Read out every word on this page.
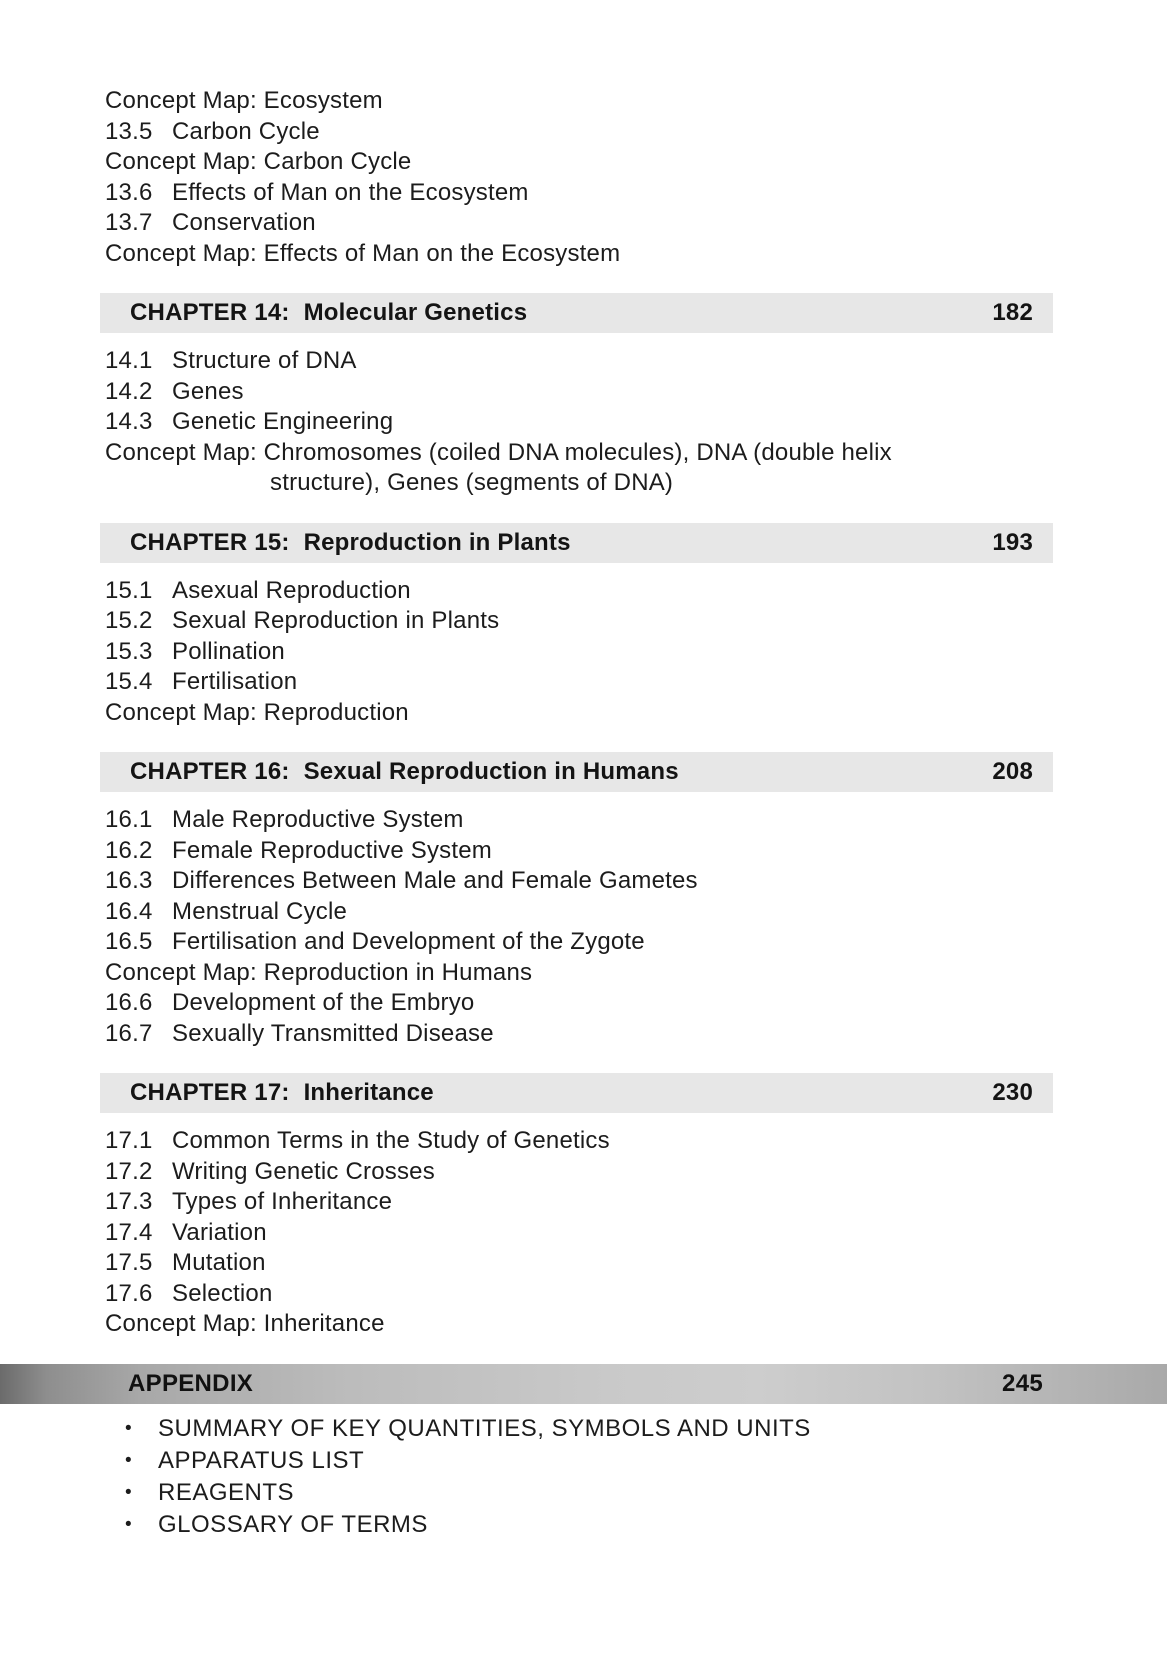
Concept Map: Ecosystem
13.5 Carbon Cycle
Concept Map: Carbon Cycle
13.6 Effects of Man on the Ecosystem
13.7 Conservation
Concept Map: Effects of Man on the Ecosystem
CHAPTER 14: Molecular Genetics	182
14.1 Structure of DNA
14.2 Genes
14.3 Genetic Engineering
Concept Map: Chromosomes (coiled DNA molecules), DNA (double helix
structure), Genes (segments of DNA)
CHAPTER 15: Reproduction in Plants	193
15.1 Asexual Reproduction
15.2 Sexual Reproduction in Plants
15.3 Pollination
15.4 Fertilisation
Concept Map: Reproduction
CHAPTER 16: Sexual Reproduction in Humans	208
16.1 Male Reproductive System
16.2 Female Reproductive System
16.3 Differences Between Male and Female Gametes
16.4 Menstrual Cycle
16.5 Fertilisation and Development of the Zygote
Concept Map: Reproduction in Humans
16.6 Development of the Embryo
16.7 Sexually Transmitted Disease
CHAPTER 17: Inheritance	230
17.1 Common Terms in the Study of Genetics
17.2 Writing Genetic Crosses
17.3 Types of Inheritance
17.4 Variation
17.5 Mutation
17.6 Selection
Concept Map: Inheritance
APPENDIX	245
• SUMMARY OF KEY QUANTITIES, SYMBOLS AND UNITS
• APPARATUS LIST
• REAGENTS
• GLOSSARY OF TERMS
